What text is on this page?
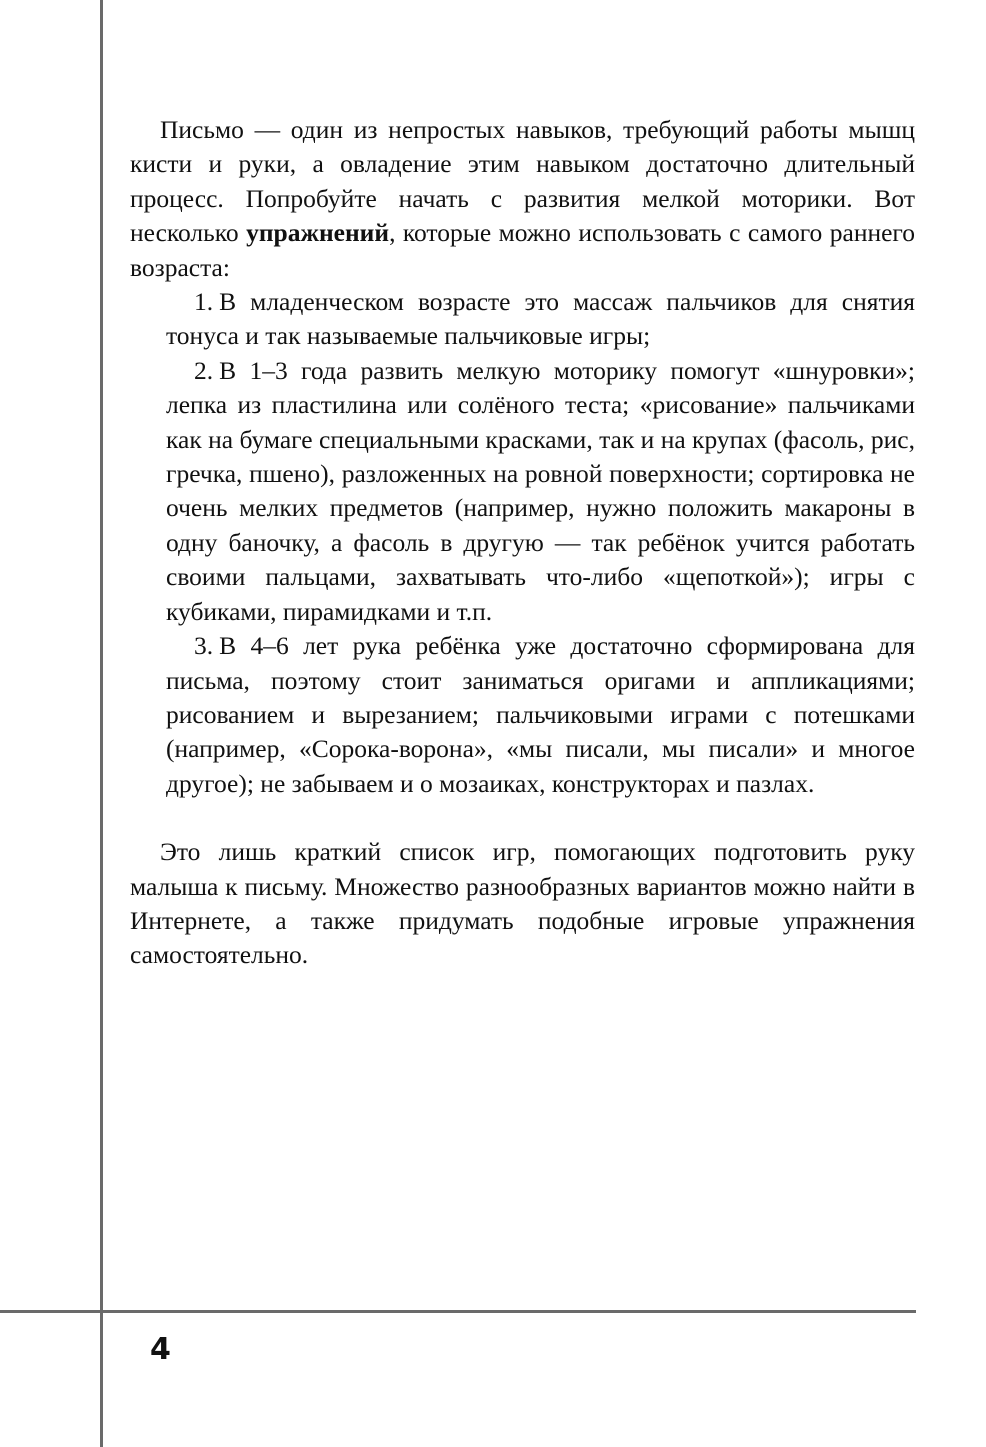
Письмо — один из непростых навыков, требующий работы мышц кисти и руки, а овладение этим навыком достаточно длительный процесс. Попробуйте начать с развития мелкой моторики. Вот несколько упражнений, которые можно использовать с самого раннего возраста:

1. В младенческом возрасте это массаж пальчиков для снятия тонуса и так называемые пальчиковые игры;
2. В 1–3 года развить мелкую моторику помогут «шнуровки»; лепка из пластилина или солёного теста; «рисование» пальчиками как на бумаге специальными красками, так и на крупах (фасоль, рис, гречка, пшено), разложенных на ровной поверхности; сортировка не очень мелких предметов (например, нужно положить макароны в одну баночку, а фасоль в другую — так ребёнок учится работать своими пальцами, захватывать что-либо «щепоткой»); игры с кубиками, пирамидками и т.п.
3. В 4–6 лет рука ребёнка уже достаточно сформирована для письма, поэтому стоит заниматься оригами и аппликациями; рисованием и вырезанием; пальчиковыми играми с потешками (например, «Сорока-ворона», «мы писали, мы писали» и многое другое); не забываем и о мозаиках, конструкторах и пазлах.

Это лишь краткий список игр, помогающих подготовить руку малыша к письму. Множество разнообразных вариантов можно найти в Интернете, а также придумать подобные игровые упражнения самостоятельно.

4
